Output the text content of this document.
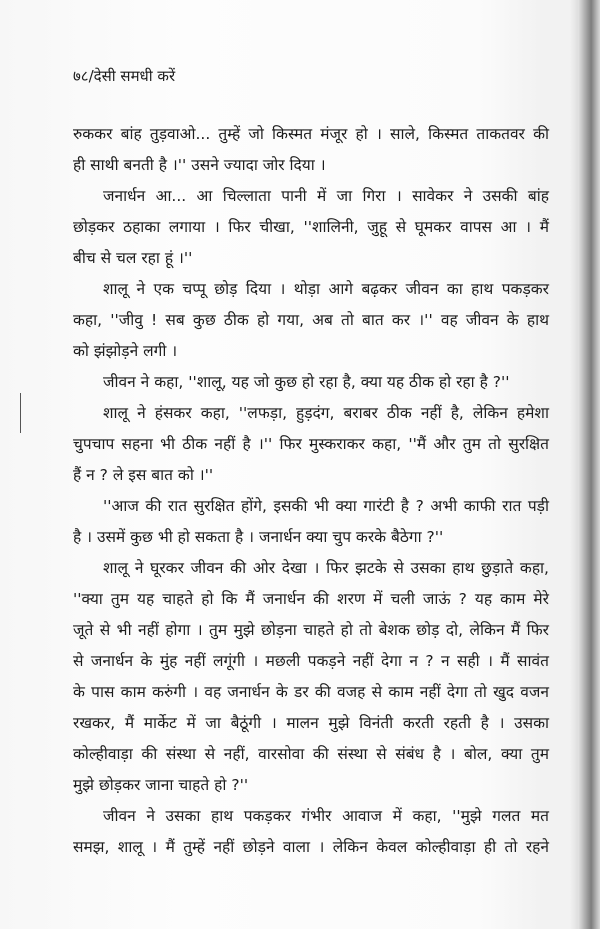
७८/देसी समधी करें
रुककर बांह तुड़वाओ... तुम्हें जो किस्मत मंजूर हो । साले, किस्मत ताकतवर की
ही साथी बनती है ।'' उसने ज्यादा जोर दिया ।
जनार्धन आ... आ चिल्लाता पानी में जा गिरा । सावेकर ने उसकी बांह
छोड़कर ठहाका लगाया । फिर चीखा, ''शालिनी, जुहू से घूमकर वापस आ । मैं
बीच से चल रहा हूं ।''
शालू ने एक चप्पू छोड़ दिया । थोड़ा आगे बढ़कर जीवन का हाथ पकड़कर
कहा, ''जीवु ! सब कुछ ठीक हो गया, अब तो बात कर ।'' वह जीवन के हाथ
को झंझोड़ने लगी ।
जीवन ने कहा, ''शालू, यह जो कुछ हो रहा है, क्या यह ठीक हो रहा है ?''
शालू ने हंसकर कहा, ''लफड़ा, हुड़दंग, बराबर ठीक नहीं है, लेकिन हमेशा
चुपचाप सहना भी ठीक नहीं है ।'' फिर मुस्कराकर कहा, ''मैं और तुम तो सुरक्षित
हैं न ? ले इस बात को ।''
''आज की रात सुरक्षित होंगे, इसकी भी क्या गारंटी है ? अभी काफी रात पड़ी
है । उसमें कुछ भी हो सकता है । जनार्धन क्या चुप करके बैठेगा ?''
शालू ने घूरकर जीवन की ओर देखा । फिर झटके से उसका हाथ छुड़ाते कहा,
''क्या तुम यह चाहते हो कि मैं जनार्धन की शरण में चली जाऊं ? यह काम मेरे
जूते से भी नहीं होगा । तुम मुझे छोड़ना चाहते हो तो बेशक छोड़ दो, लेकिन मैं फिर
से जनार्धन के मुंह नहीं लगूंगी । मछली पकड़ने नहीं देगा न ? न सही । मैं सावंत
के पास काम करुंगी । वह जनार्धन के डर की वजह से काम नहीं देगा तो खुद वजन
रखकर, मैं मार्केट में जा बैठूंगी । मालन मुझे विनंती करती रहती है । उसका
कोल्हीवाड़ा की संस्था से नहीं, वारसोवा की संस्था से संबंध है । बोल, क्या तुम
मुझे छोड़कर जाना चाहते हो ?''
जीवन ने उसका हाथ पकड़कर गंभीर आवाज में कहा, ''मुझे गलत मत
समझ, शालू । मैं तुम्हें नहीं छोड़ने वाला । लेकिन केवल कोल्हीवाड़ा ही तो रहने
